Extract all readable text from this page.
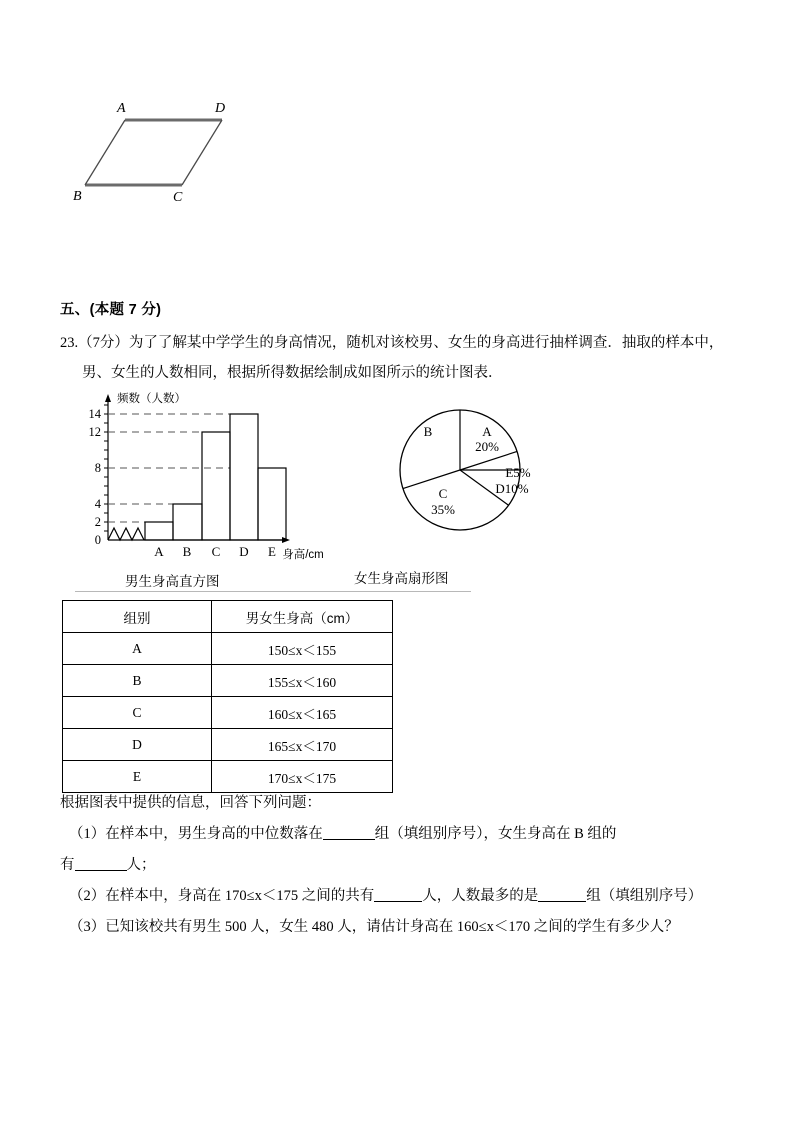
A	D
B	C
五、(本题 7 分)
23.（7分）为了了解某中学学生的身高情况，随机对该校男、女生的身高进行抽样调查．抽取的样本中，
男、女生的人数相同，根据所得数据绘制成如图所示的统计图表．
0
2
4
8
12
14
A B C D E
频数（人数）
身高/cm
A
20%
B
C
35%
E5%
D10%
男生身高直方图	女生身高扇形图
组别	男女生身高（cm）
A	150≤x＜155
B	155≤x＜160
C	160≤x＜165
D	165≤x＜170
E	170≤x＜175
根据图表中提供的信息，回答下列问题：
（1）在样本中，男生身高的中位数落在	组（填组别序号），女生身高在 B 组的
有	人；
（2）在样本中，身高在 170≤x＜175 之间的共有	人，人数最多的是	组（填组别序号）
（3）已知该校共有男生 500 人，女生 480 人，请估计身高在 160≤x＜170 之间的学生有多少人？
